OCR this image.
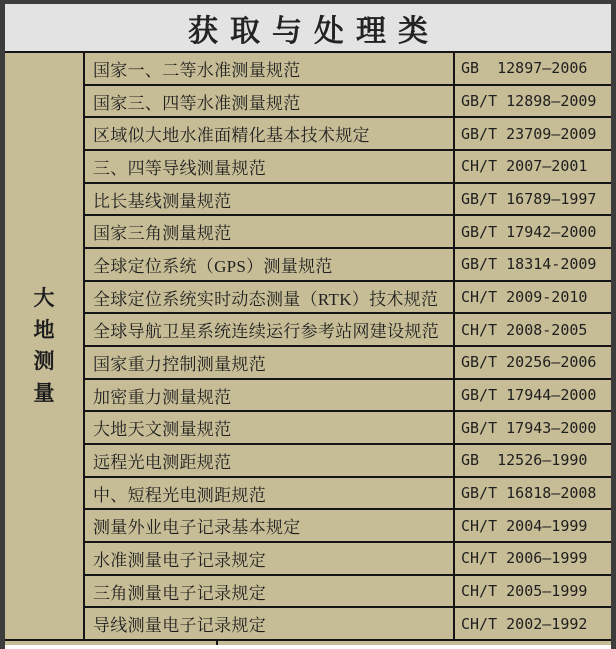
获取与处理类
大地测量
国家一、二等水准测量规范	GB  12897—2006
国家三、四等水准测量规范	GB/T 12898—2009
区域似大地水准面精化基本技术规定	GB/T 23709—2009
三、四等导线测量规范	CH/T 2007—2001
比长基线测量规范	GB/T 16789—1997
国家三角测量规范	GB/T 17942—2000
全球定位系统（GPS）测量规范	GB/T 18314-2009
全球定位系统实时动态测量（RTK）技术规范	CH/T 2009-2010
全球导航卫星系统连续运行参考站网建设规范	CH/T 2008-2005
国家重力控制测量规范	GB/T 20256—2006
加密重力测量规范	GB/T 17944—2000
大地天文测量规范	GB/T 17943—2000
远程光电测距规范	GB  12526—1990
中、短程光电测距规范	GB/T 16818—2008
测量外业电子记录基本规定	CH/T 2004—1999
水准测量电子记录规定	CH/T 2006—1999
三角测量电子记录规定	CH/T 2005—1999
导线测量电子记录规定	CH/T 2002—1992
